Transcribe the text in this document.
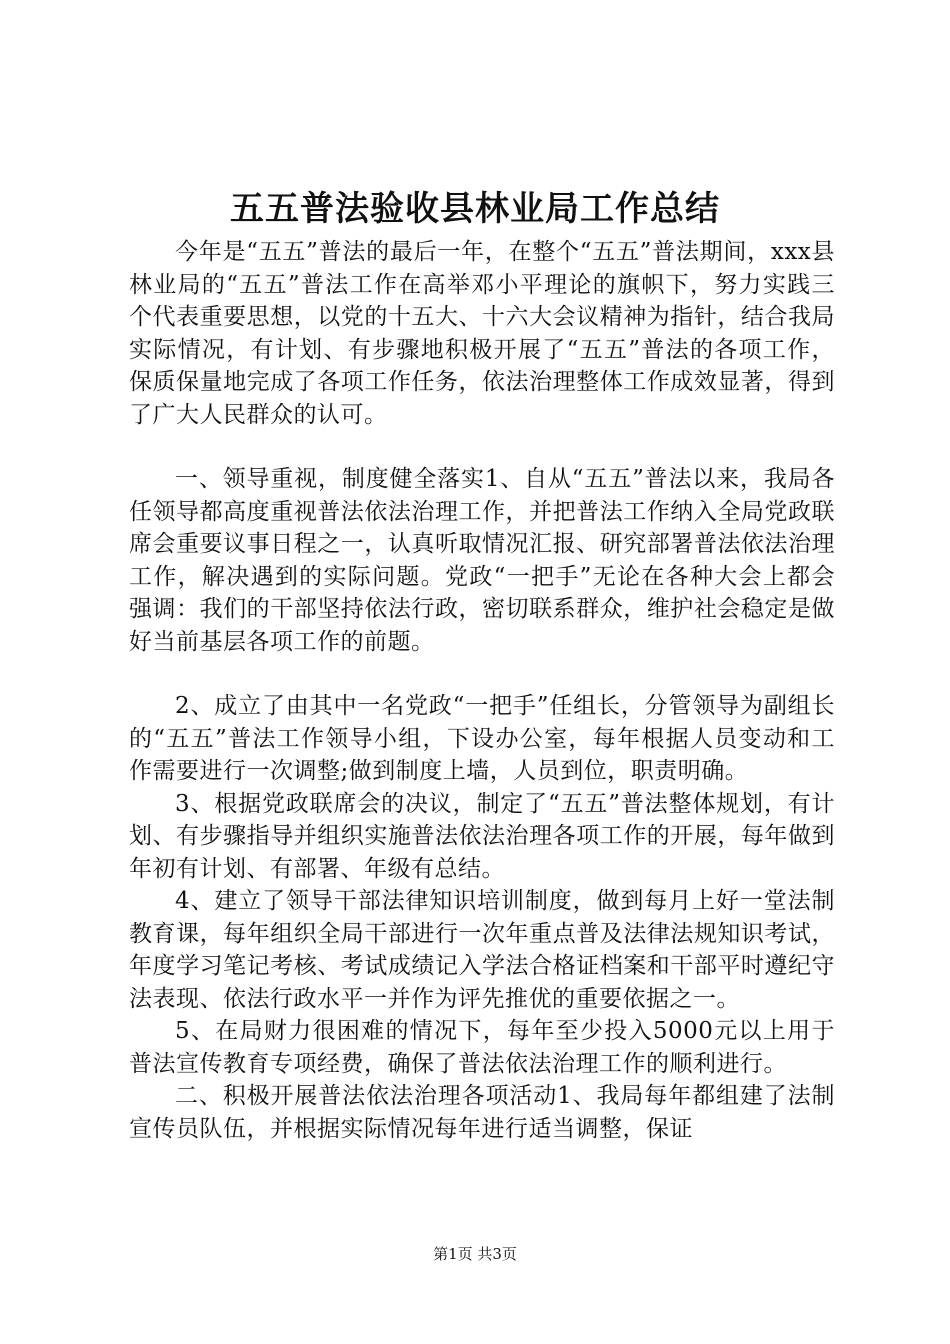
五五普法验收县林业局工作总结

今年是“五五”普法的最后一年，在整个“五五”普法期间，xxx县林业局的“五五”普法工作在高举邓小平理论的旗帜下，努力实践三个代表重要思想，以党的十五大、十六大会议精神为指针，结合我局实际情况，有计划、有步骤地积极开展了“五五”普法的各项工作，保质保量地完成了各项工作任务，依法治理整体工作成效显著，得到了广大人民群众的认可。

一、领导重视，制度健全落实1、自从“五五”普法以来，我局各任领导都高度重视普法依法治理工作，并把普法工作纳入全局党政联席会重要议事日程之一，认真听取情况汇报、研究部署普法依法治理工作，解决遇到的实际问题。党政“一把手”无论在各种大会上都会强调：我们的干部坚持依法行政，密切联系群众，维护社会稳定是做好当前基层各项工作的前题。

2、成立了由其中一名党政“一把手”任组长，分管领导为副组长的“五五”普法工作领导小组，下设办公室，每年根据人员变动和工作需要进行一次调整;做到制度上墙，人员到位，职责明确。

3、根据党政联席会的决议，制定了“五五”普法整体规划，有计划、有步骤指导并组织实施普法依法治理各项工作的开展，每年做到年初有计划、有部署、年级有总结。

4、建立了领导干部法律知识培训制度，做到每月上好一堂法制教育课，每年组织全局干部进行一次年重点普及法律法规知识考试，年度学习笔记考核、考试成绩记入学法合格证档案和干部平时遵纪守法表现、依法行政水平一并作为评先推优的重要依据之一。

5、在局财力很困难的情况下，每年至少投入5000元以上用于普法宣传教育专项经费，确保了普法依法治理工作的顺利进行。

二、积极开展普法依法治理各项活动1、我局每年都组建了法制宣传员队伍，并根据实际情况每年进行适当调整，保证

第1页 共3页
